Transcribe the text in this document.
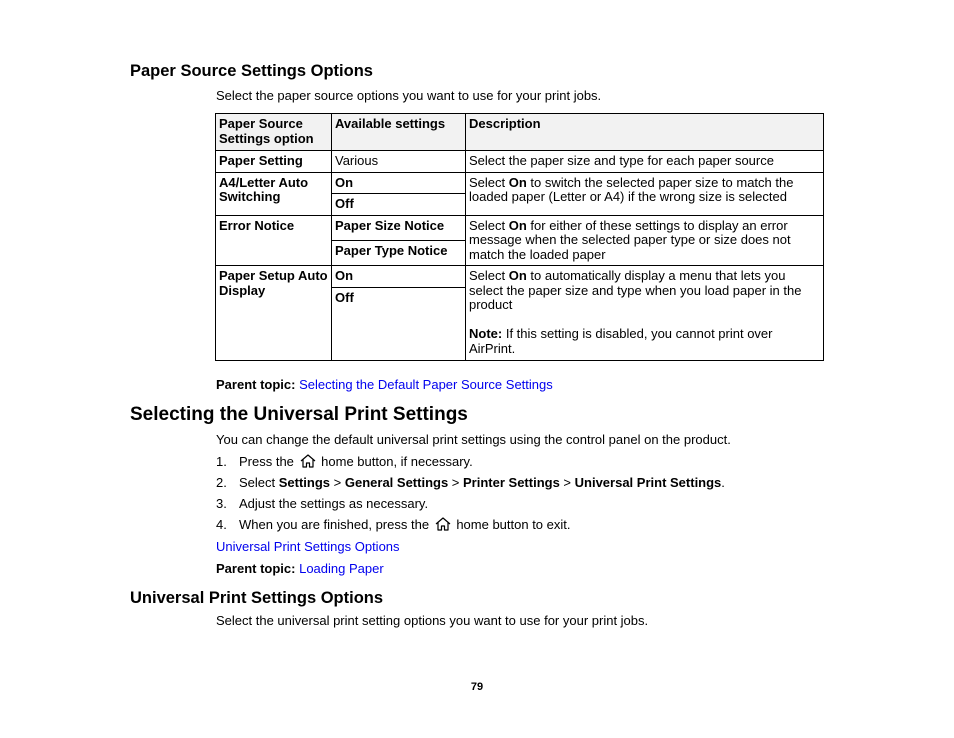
Paper Source Settings Options

Select the paper source options you want to use for your print jobs.

Paper Source Settings option	Available settings	Description
Paper Setting	Various	Select the paper size and type for each paper source
A4/Letter Auto Switching	On	Select On to switch the selected paper size to match the loaded paper (Letter or A4) if the wrong size is selected
	Off	
Error Notice	Paper Size Notice	Select On for either of these settings to display an error message when the selected paper type or size does not match the loaded paper
	Paper Type Notice	
Paper Setup Auto Display	On	Select On to automatically display a menu that lets you select the paper size and type when you load paper in the product

Note: If this setting is disabled, you cannot print over AirPrint.
	Off	

Parent topic: Selecting the Default Paper Source Settings

Selecting the Universal Print Settings

You can change the default universal print settings using the control panel on the product.

1. Press the home button, if necessary.
2. Select Settings > General Settings > Printer Settings > Universal Print Settings.
3. Adjust the settings as necessary.
4. When you are finished, press the home button to exit.

Universal Print Settings Options

Parent topic: Loading Paper

Universal Print Settings Options

Select the universal print setting options you want to use for your print jobs.

79
